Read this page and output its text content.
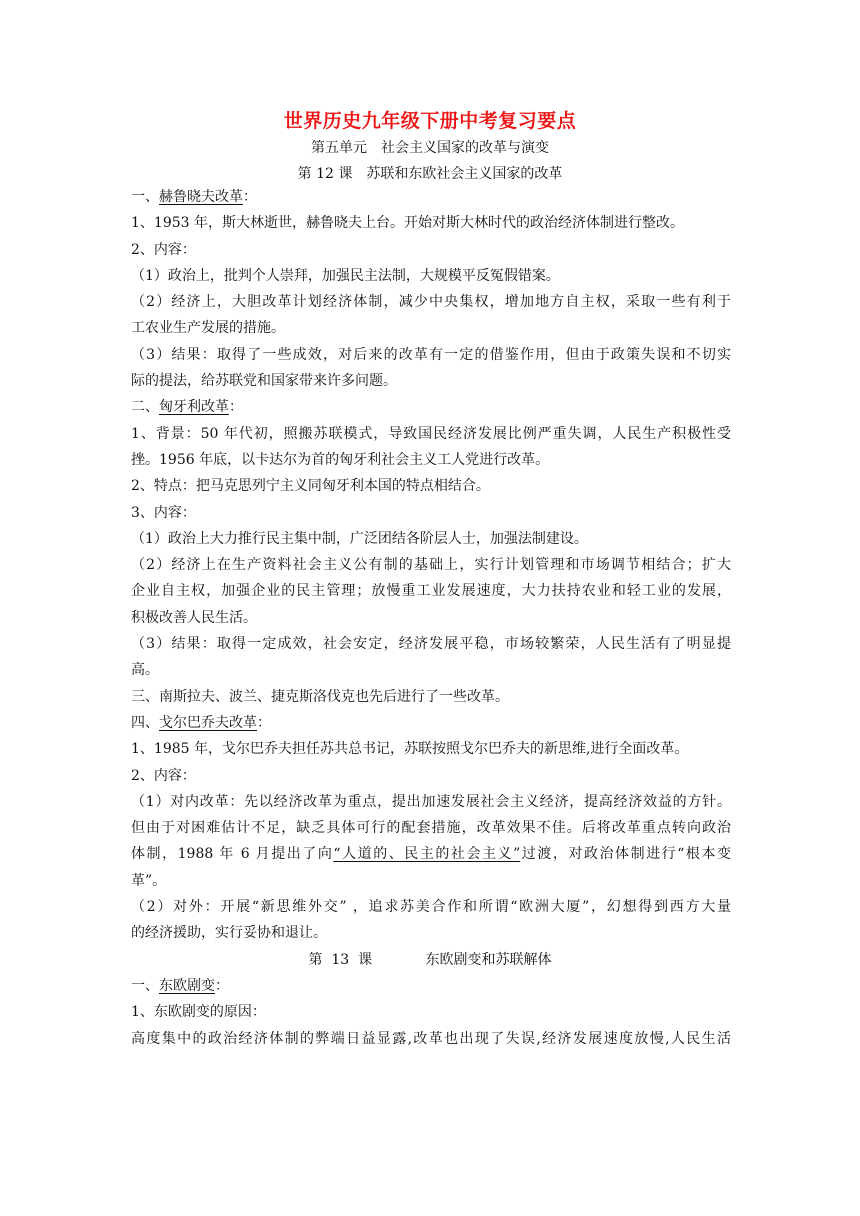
世界历史九年级下册中考复习要点
第五单元　社会主义国家的改革与演变
第 12 课　苏联和东欧社会主义国家的改革
一、赫鲁晓夫改革：
1、1953 年，斯大林逝世，赫鲁晓夫上台。开始对斯大林时代的政治经济体制进行整改。
2、内容：
（1）政治上，批判个人崇拜，加强民主法制，大规模平反冤假错案。
（2）经济上，大胆改革计划经济体制，减少中央集权，增加地方自主权，采取一些有利于
工农业生产发展的措施。
（3）结果：取得了一些成效，对后来的改革有一定的借鉴作用，但由于政策失误和不切实
际的提法，给苏联党和国家带来许多问题。
二、匈牙利改革：
1、背景：50 年代初，照搬苏联模式，导致国民经济发展比例严重失调，人民生产积极性受
挫。1956 年底，以卡达尔为首的匈牙利社会主义工人党进行改革。
2、特点：把马克思列宁主义同匈牙利本国的特点相结合。
3、内容：
（1）政治上大力推行民主集中制，广泛团结各阶层人士，加强法制建设。
（2）经济上在生产资料社会主义公有制的基础上，实行计划管理和市场调节相结合；扩大
企业自主权，加强企业的民主管理；放慢重工业发展速度，大力扶持农业和轻工业的发展，
积极改善人民生活。
（3）结果：取得一定成效，社会安定，经济发展平稳，市场较繁荣，人民生活有了明显提
高。
三、南斯拉夫、波兰、捷克斯洛伐克也先后进行了一些改革。
四、戈尔巴乔夫改革：
1、1985 年，戈尔巴乔夫担任苏共总书记，苏联按照戈尔巴乔夫的新思维,进行全面改革。
2、内容：
（1）对内改革：先以经济改革为重点，提出加速发展社会主义经济，提高经济效益的方针。
但由于对困难估计不足，缺乏具体可行的配套措施，改革效果不佳。后将改革重点转向政治
体制，1988 年 6 月提出了向“人道的、民主的社会主义”过渡，对政治体制进行“根本变
革”。
（2）对外：开展“新思维外交” ，追求苏美合作和所谓“欧洲大厦”，幻想得到西方大量
的经济援助，实行妥协和退让。
第  13  课            东欧剧变和苏联解体
一、东欧剧变：
1、东欧剧变的原因：
高度集中的政治经济体制的弊端日益显露,改革也出现了失误,经济发展速度放慢,人民生活
